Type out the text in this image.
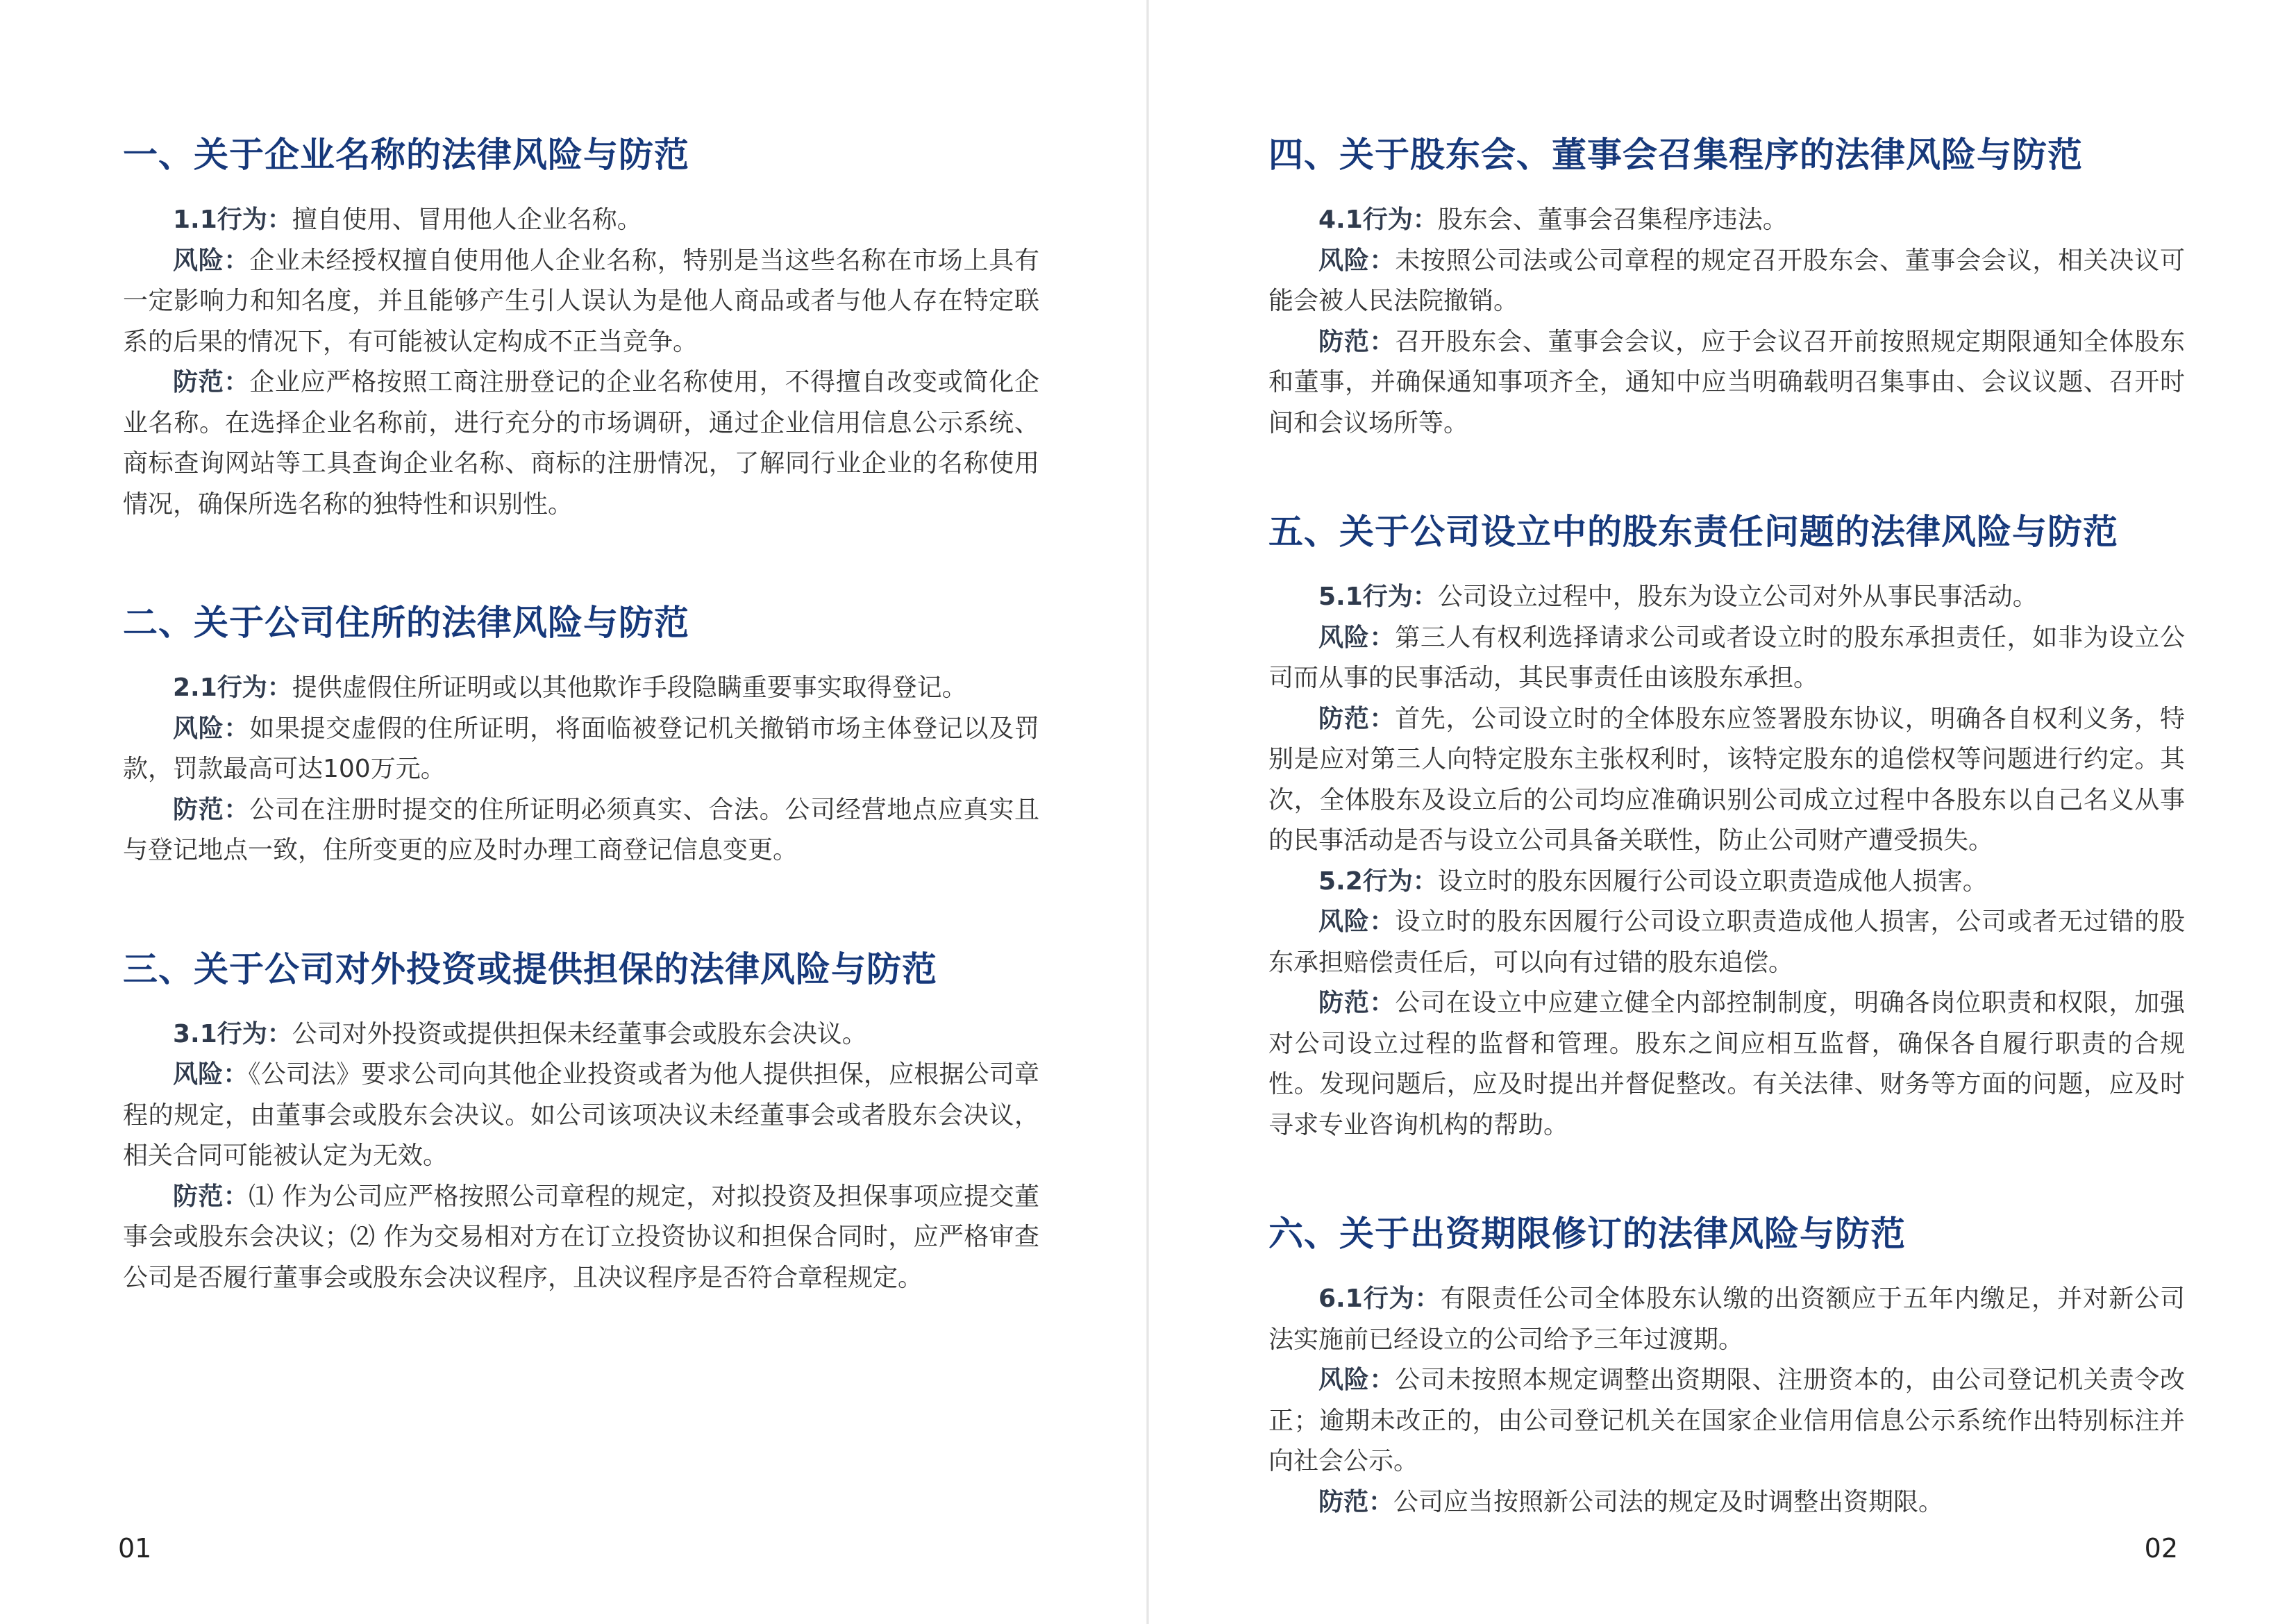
一、关于企业名称的法律风险与防范

1.1行为：擅自使用、冒用他人企业名称。

风险：企业未经授权擅自使用他人企业名称，特别是当这些名称在市场上具有一定影响力和知名度，并且能够产生引人误认为是他人商品或者与他人存在特定联系的后果的情况下，有可能被认定构成不正当竞争。

防范：企业应严格按照工商注册登记的企业名称使用，不得擅自改变或简化企业名称。在选择企业名称前，进行充分的市场调研，通过企业信用信息公示系统、商标查询网站等工具查询企业名称、商标的注册情况，了解同行业企业的名称使用情况，确保所选名称的独特性和识别性。

二、关于公司住所的法律风险与防范

2.1行为：提供虚假住所证明或以其他欺诈手段隐瞒重要事实取得登记。

风险：如果提交虚假的住所证明，将面临被登记机关撤销市场主体登记以及罚款，罚款最高可达100万元。

防范：公司在注册时提交的住所证明必须真实、合法。公司经营地点应真实且与登记地点一致，住所变更的应及时办理工商登记信息变更。

三、关于公司对外投资或提供担保的法律风险与防范

3.1行为：公司对外投资或提供担保未经董事会或股东会决议。

风险：《公司法》要求公司向其他企业投资或者为他人提供担保，应根据公司章程的规定，由董事会或股东会决议。如公司该项决议未经董事会或者股东会决议，相关合同可能被认定为无效。

防范：⑴ 作为公司应严格按照公司章程的规定，对拟投资及担保事项应提交董事会或股东会决议；⑵ 作为交易相对方在订立投资协议和担保合同时，应严格审查公司是否履行董事会或股东会决议程序，且决议程序是否符合章程规定。

01
四、关于股东会、董事会召集程序的法律风险与防范

4.1行为：股东会、董事会召集程序违法。

风险：未按照公司法或公司章程的规定召开股东会、董事会会议，相关决议可能会被人民法院撤销。

防范：召开股东会、董事会会议，应于会议召开前按照规定期限通知全体股东和董事，并确保通知事项齐全，通知中应当明确载明召集事由、会议议题、召开时间和会议场所等。

五、关于公司设立中的股东责任问题的法律风险与防范

5.1行为：公司设立过程中，股东为设立公司对外从事民事活动。

风险：第三人有权利选择请求公司或者设立时的股东承担责任，如非为设立公司而从事的民事活动，其民事责任由该股东承担。

防范：首先，公司设立时的全体股东应签署股东协议，明确各自权利义务，特别是应对第三人向特定股东主张权利时，该特定股东的追偿权等问题进行约定。其次，全体股东及设立后的公司均应准确识别公司成立过程中各股东以自己名义从事的民事活动是否与设立公司具备关联性，防止公司财产遭受损失。

5.2行为：设立时的股东因履行公司设立职责造成他人损害。

风险：设立时的股东因履行公司设立职责造成他人损害，公司或者无过错的股东承担赔偿责任后，可以向有过错的股东追偿。

防范：公司在设立中应建立健全内部控制制度，明确各岗位职责和权限，加强对公司设立过程的监督和管理。股东之间应相互监督，确保各自履行职责的合规性。发现问题后，应及时提出并督促整改。有关法律、财务等方面的问题，应及时寻求专业咨询机构的帮助。

六、关于出资期限修订的法律风险与防范

6.1行为：有限责任公司全体股东认缴的出资额应于五年内缴足，并对新公司法实施前已经设立的公司给予三年过渡期。

风险：公司未按照本规定调整出资期限、注册资本的，由公司登记机关责令改正；逾期未改正的，由公司登记机关在国家企业信用信息公示系统作出特别标注并向社会公示。

防范：公司应当按照新公司法的规定及时调整出资期限。

02
